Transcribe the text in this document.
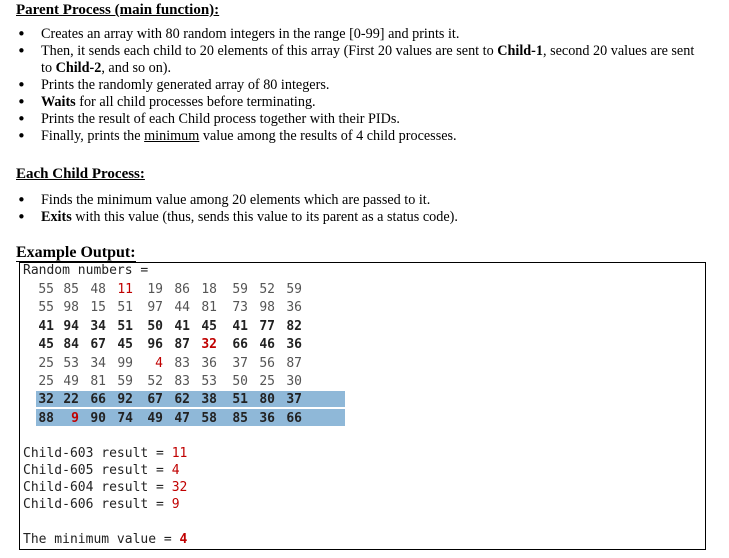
Parent Process (main function):
• Creates an array with 80 random integers in the range [0-99] and prints it.
• Then, it sends each child to 20 elements of this array (First 20 values are sent to Child-1, second 20 values are sent to Child-2, and so on).
• Prints the randomly generated array of 80 integers.
• Waits for all child processes before terminating.
• Prints the result of each Child process together with their PIDs.
• Finally, prints the minimum value among the results of 4 child processes.
Each Child Process:
• Finds the minimum value among 20 elements which are passed to it.
• Exits with this value (thus, sends this value to its parent as a status code).
Example Output:
Random numbers =
55 85 48 11	19 86 18	59 52 59
55 98 15 51	97 44 81	73 98 36
41 94 34 51	50 41 45	41 77 82
45 84 67 45	96 87 32	66 46 36
25 53 34 99	4 83 36	37 56 87
25 49 81 59	52 83 53	50 25 30
32 22 66 92	67 62 38	51 80 37
88	9 90 74	49 47 58	85 36 66
Child-603 result = 11
Child-605 result = 4
Child-604 result = 32
Child-606 result = 9
The minimum value = 4
